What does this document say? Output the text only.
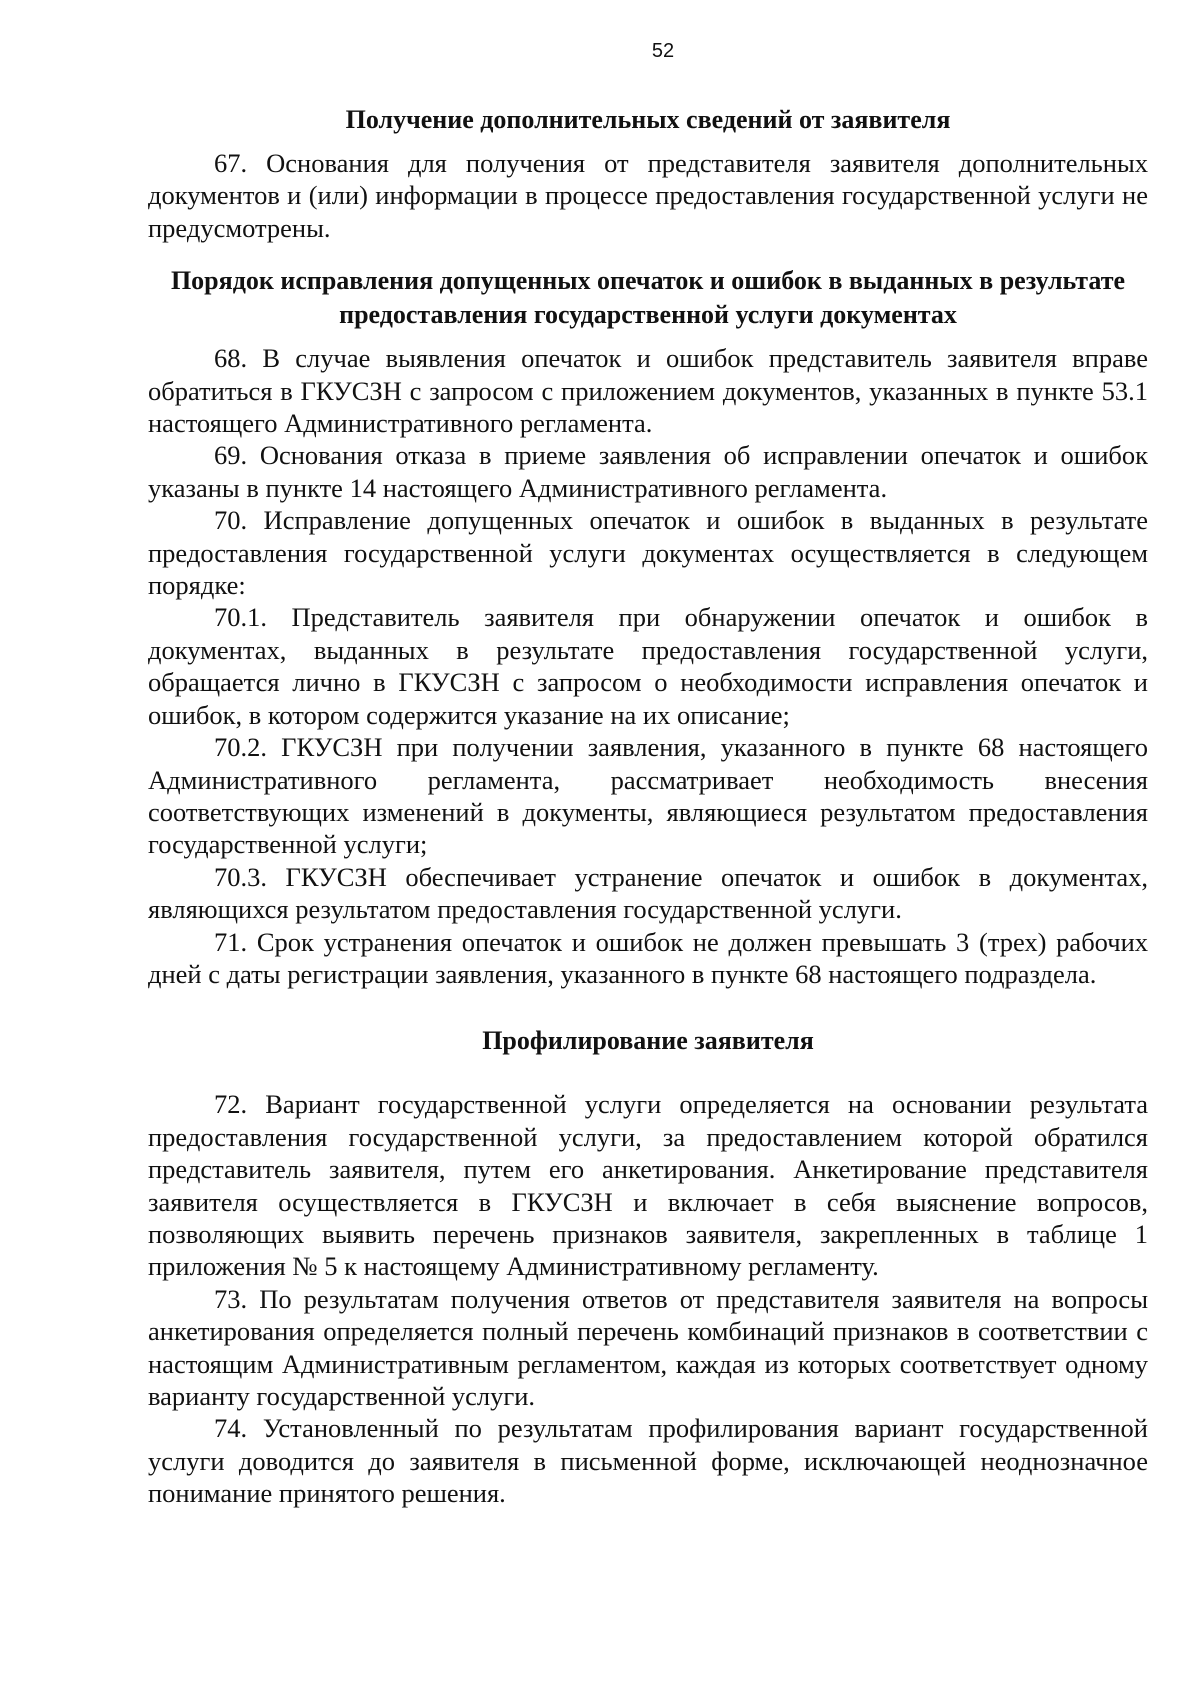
52
Получение дополнительных сведений от заявителя

67. Основания для получения от представителя заявителя дополнительных документов и (или) информации в процессе предоставления государственной услуги не предусмотрены.

Порядок исправления допущенных опечаток и ошибок в выданных в результате предоставления государственной услуги документах

68. В случае выявления опечаток и ошибок представитель заявителя вправе обратиться в ГКУСЗН с запросом с приложением документов, указанных в пункте 53.1 настоящего Административного регламента.

69. Основания отказа в приеме заявления об исправлении опечаток и ошибок указаны в пункте 14 настоящего Административного регламента.

70. Исправление допущенных опечаток и ошибок в выданных в результате предоставления государственной услуги документах осуществляется в следующем порядке:

70.1. Представитель заявителя при обнаружении опечаток и ошибок в документах, выданных в результате предоставления государственной услуги, обращается лично в ГКУСЗН с запросом о необходимости исправления опечаток и ошибок, в котором содержится указание на их описание;

70.2. ГКУСЗН при получении заявления, указанного в пункте 68 настоящего Административного регламента, рассматривает необходимость внесения соответствующих изменений в документы, являющиеся результатом предоставления государственной услуги;

70.3. ГКУСЗН обеспечивает устранение опечаток и ошибок в документах, являющихся результатом предоставления государственной услуги.

71. Срок устранения опечаток и ошибок не должен превышать 3 (трех) рабочих дней с даты регистрации заявления, указанного в пункте 68 настоящего подраздела.

Профилирование заявителя

72. Вариант государственной услуги определяется на основании результата предоставления государственной услуги, за предоставлением которой обратился представитель заявителя, путем его анкетирования. Анкетирование представителя заявителя осуществляется в ГКУСЗН и включает в себя выяснение вопросов, позволяющих выявить перечень признаков заявителя, закрепленных в таблице 1 приложения № 5 к настоящему Административному регламенту.

73. По результатам получения ответов от представителя заявителя на вопросы анкетирования определяется полный перечень комбинаций признаков в соответствии с настоящим Административным регламентом, каждая из которых соответствует одному варианту государственной услуги.

74. Установленный по результатам профилирования вариант государственной услуги доводится до заявителя в письменной форме, исключающей неоднозначное понимание принятого решения.
